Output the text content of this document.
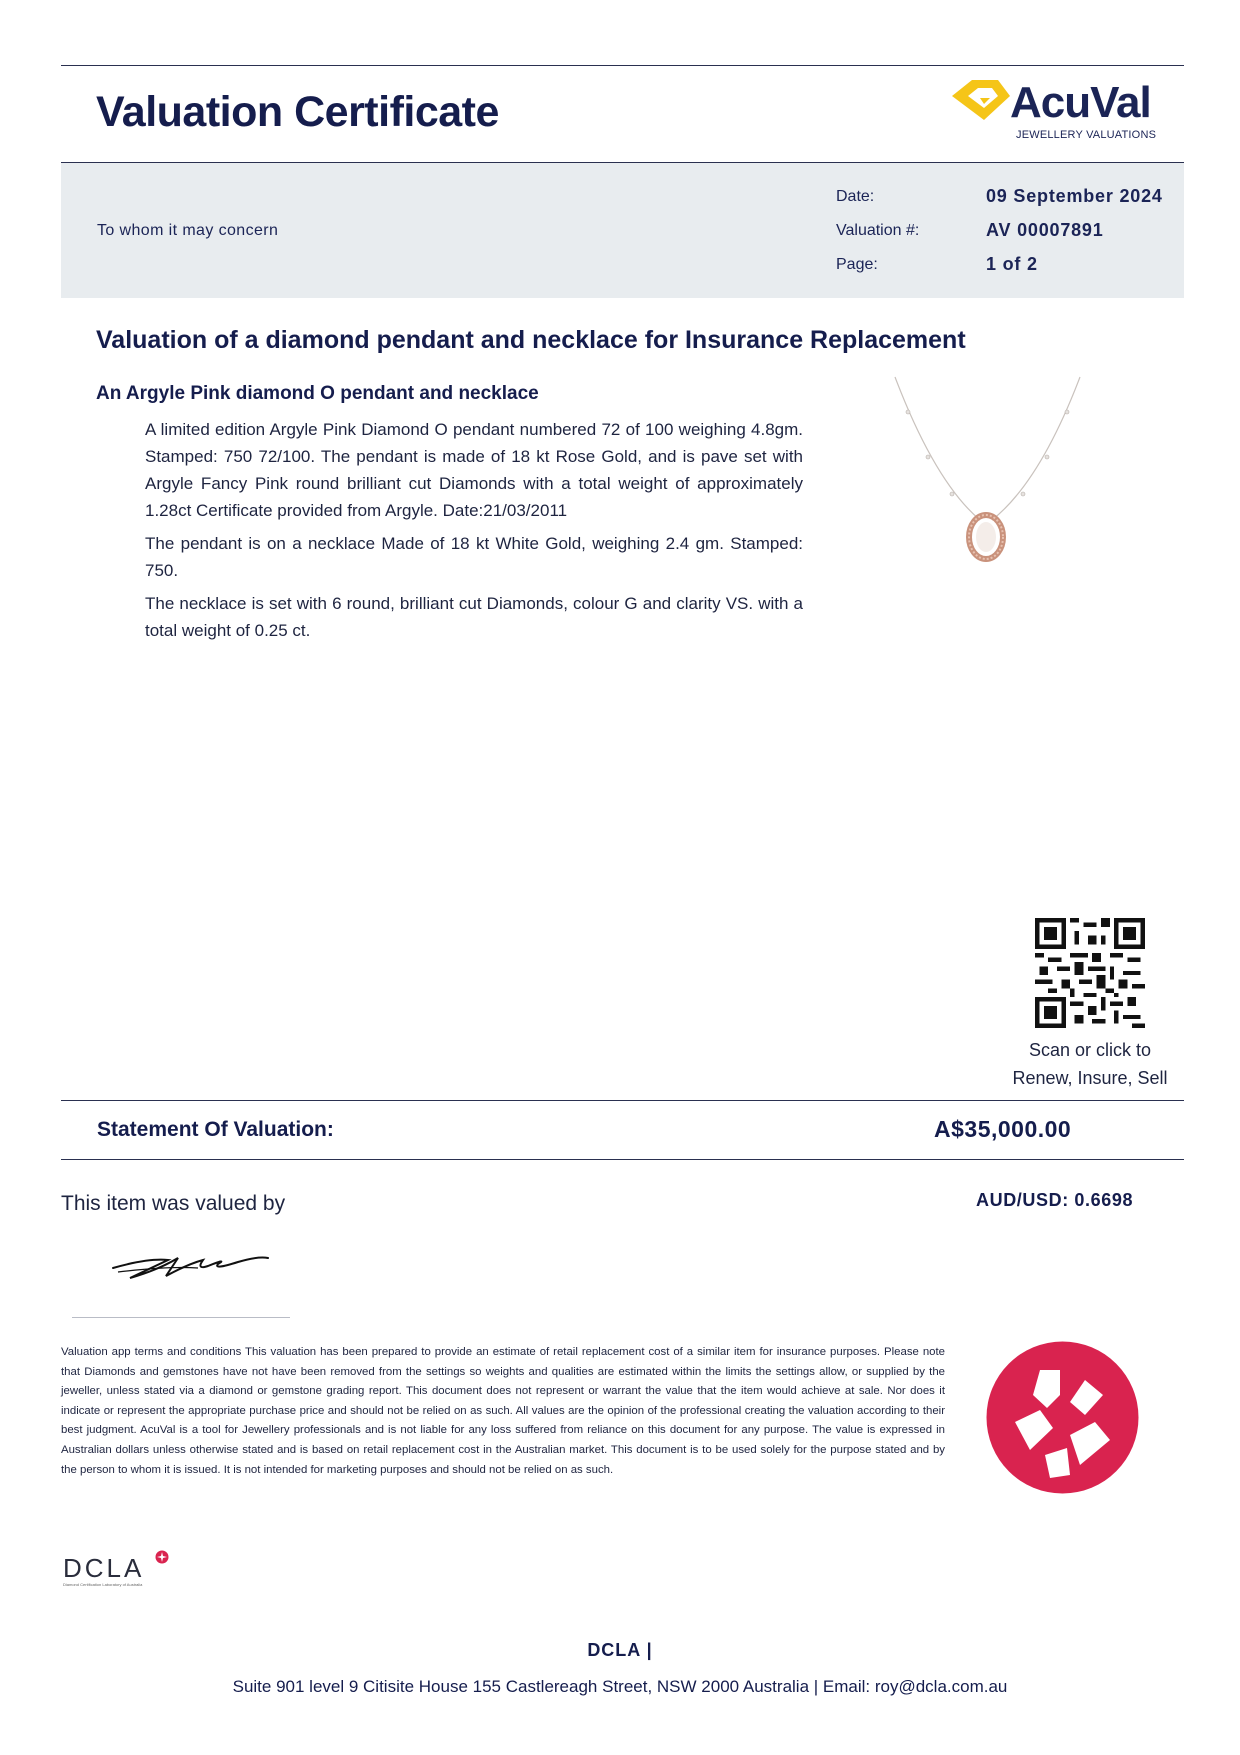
Valuation Certificate	AcuVal
JEWELLERY VALUATIONS
To whom it may concern
Date:	09 September 2024
Valuation #:	AV 00007891
Page:	1 of 2
Valuation of a diamond pendant and necklace for Insurance Replacement
An Argyle Pink diamond O pendant and necklace
A limited edition Argyle Pink Diamond O pendant numbered 72 of 100 weighing 4.8gm. Stamped: 750 72/100. The pendant is made of 18 kt Rose Gold, and is pave set with Argyle Fancy Pink round brilliant cut Diamonds with a total weight of approximately 1.28ct Certificate provided from Argyle. Date:21/03/2011
The pendant is on a necklace Made of 18 kt White Gold, weighing 2.4 gm. Stamped: 750.
The necklace is set with 6 round, brilliant cut Diamonds, colour G and clarity VS. with a total weight of 0.25 ct.
Scan or click to
Renew, Insure, Sell
Statement Of Valuation:	A$35,000.00
This item was valued by	AUD/USD: 0.6698
Valuation app terms and conditions This valuation has been prepared to provide an estimate of retail replacement cost of a similar item for insurance purposes. Please note that Diamonds and gemstones have not have been removed from the settings so weights and qualities are estimated within the limits the settings allow, or supplied by the jeweller, unless stated via a diamond or gemstone grading report. This document does not represent or warrant the value that the item would achieve at sale. Nor does it indicate or represent the appropriate purchase price and should not be relied on as such. All values are the opinion of the professional creating the valuation according to their best judgment. AcuVal is a tool for Jewellery professionals and is not liable for any loss suffered from reliance on this document for any purpose. The value is expressed in Australian dollars unless otherwise stated and is based on retail replacement cost in the Australian market. This document is to be used solely for the purpose stated and by the person to whom it is issued. It is not intended for marketing purposes and should not be relied on as such.
DCLA
Diamond Certification Laboratory of Australia
DCLA |
Suite 901 level 9 Citisite House 155 Castlereagh Street, NSW 2000 Australia | Email: roy@dcla.com.au
